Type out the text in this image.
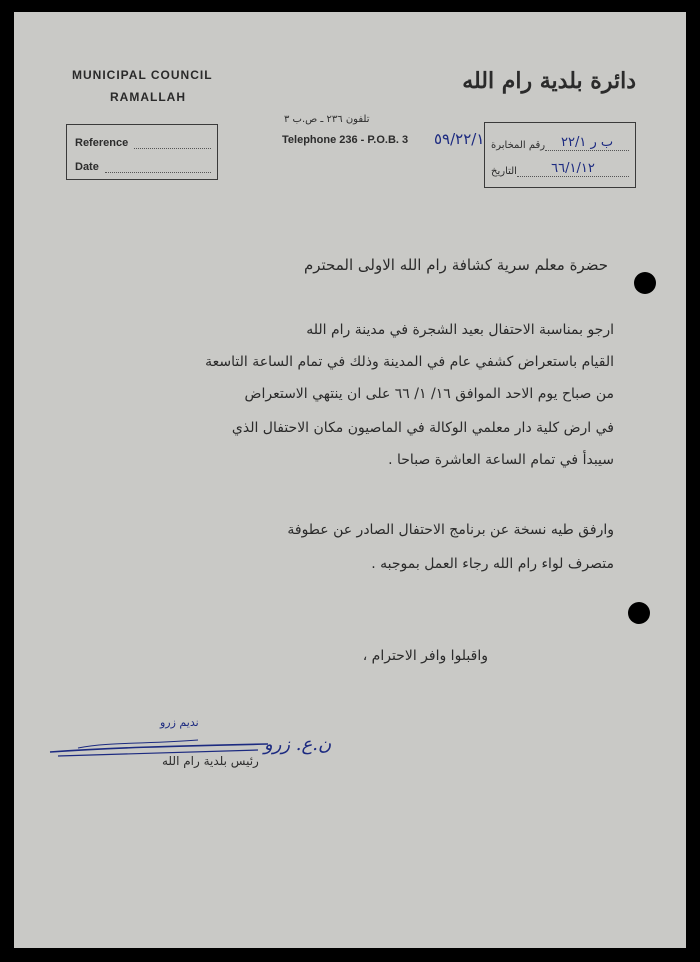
MUNICIPAL COUNCIL
RAMALLAH
Reference
Date
دائرة بلدية رام الله
تلفون ٢٣٦ ـ ص.ب ٣
Telephone 236 - P.O.B. 3 ٥٩/٢٢/١ رقم المخابرة	ب ر ٢٢/١
التاريخ	٦٦/١/١٢
حضرة معلم سرية كشافة رام الله الاولى المحترم
ارجو بمناسبة الاحتفال بعيد الشجرة في مدينة رام الله
القيام باستعراض كشفي عام في المدينة وذلك في تمام الساعة التاسعة
من صباح يوم الاحد الموافق ١٦/ ١/ ٦٦ على ان ينتهي الاستعراض
في ارض كلية دار معلمي الوكالة في الماصيون مكان الاحتفال الذي
سيبدأ في تمام الساعة العاشرة صباحا .
وارفق طيه نسخة عن برنامج الاحتفال الصادر عن عطوفة
متصرف لواء رام الله رجاء العمل بموجبه .
واقبلوا وافر الاحترام ،
نديم زرو
ن.ع. زرو
رئيس بلدية رام الله
